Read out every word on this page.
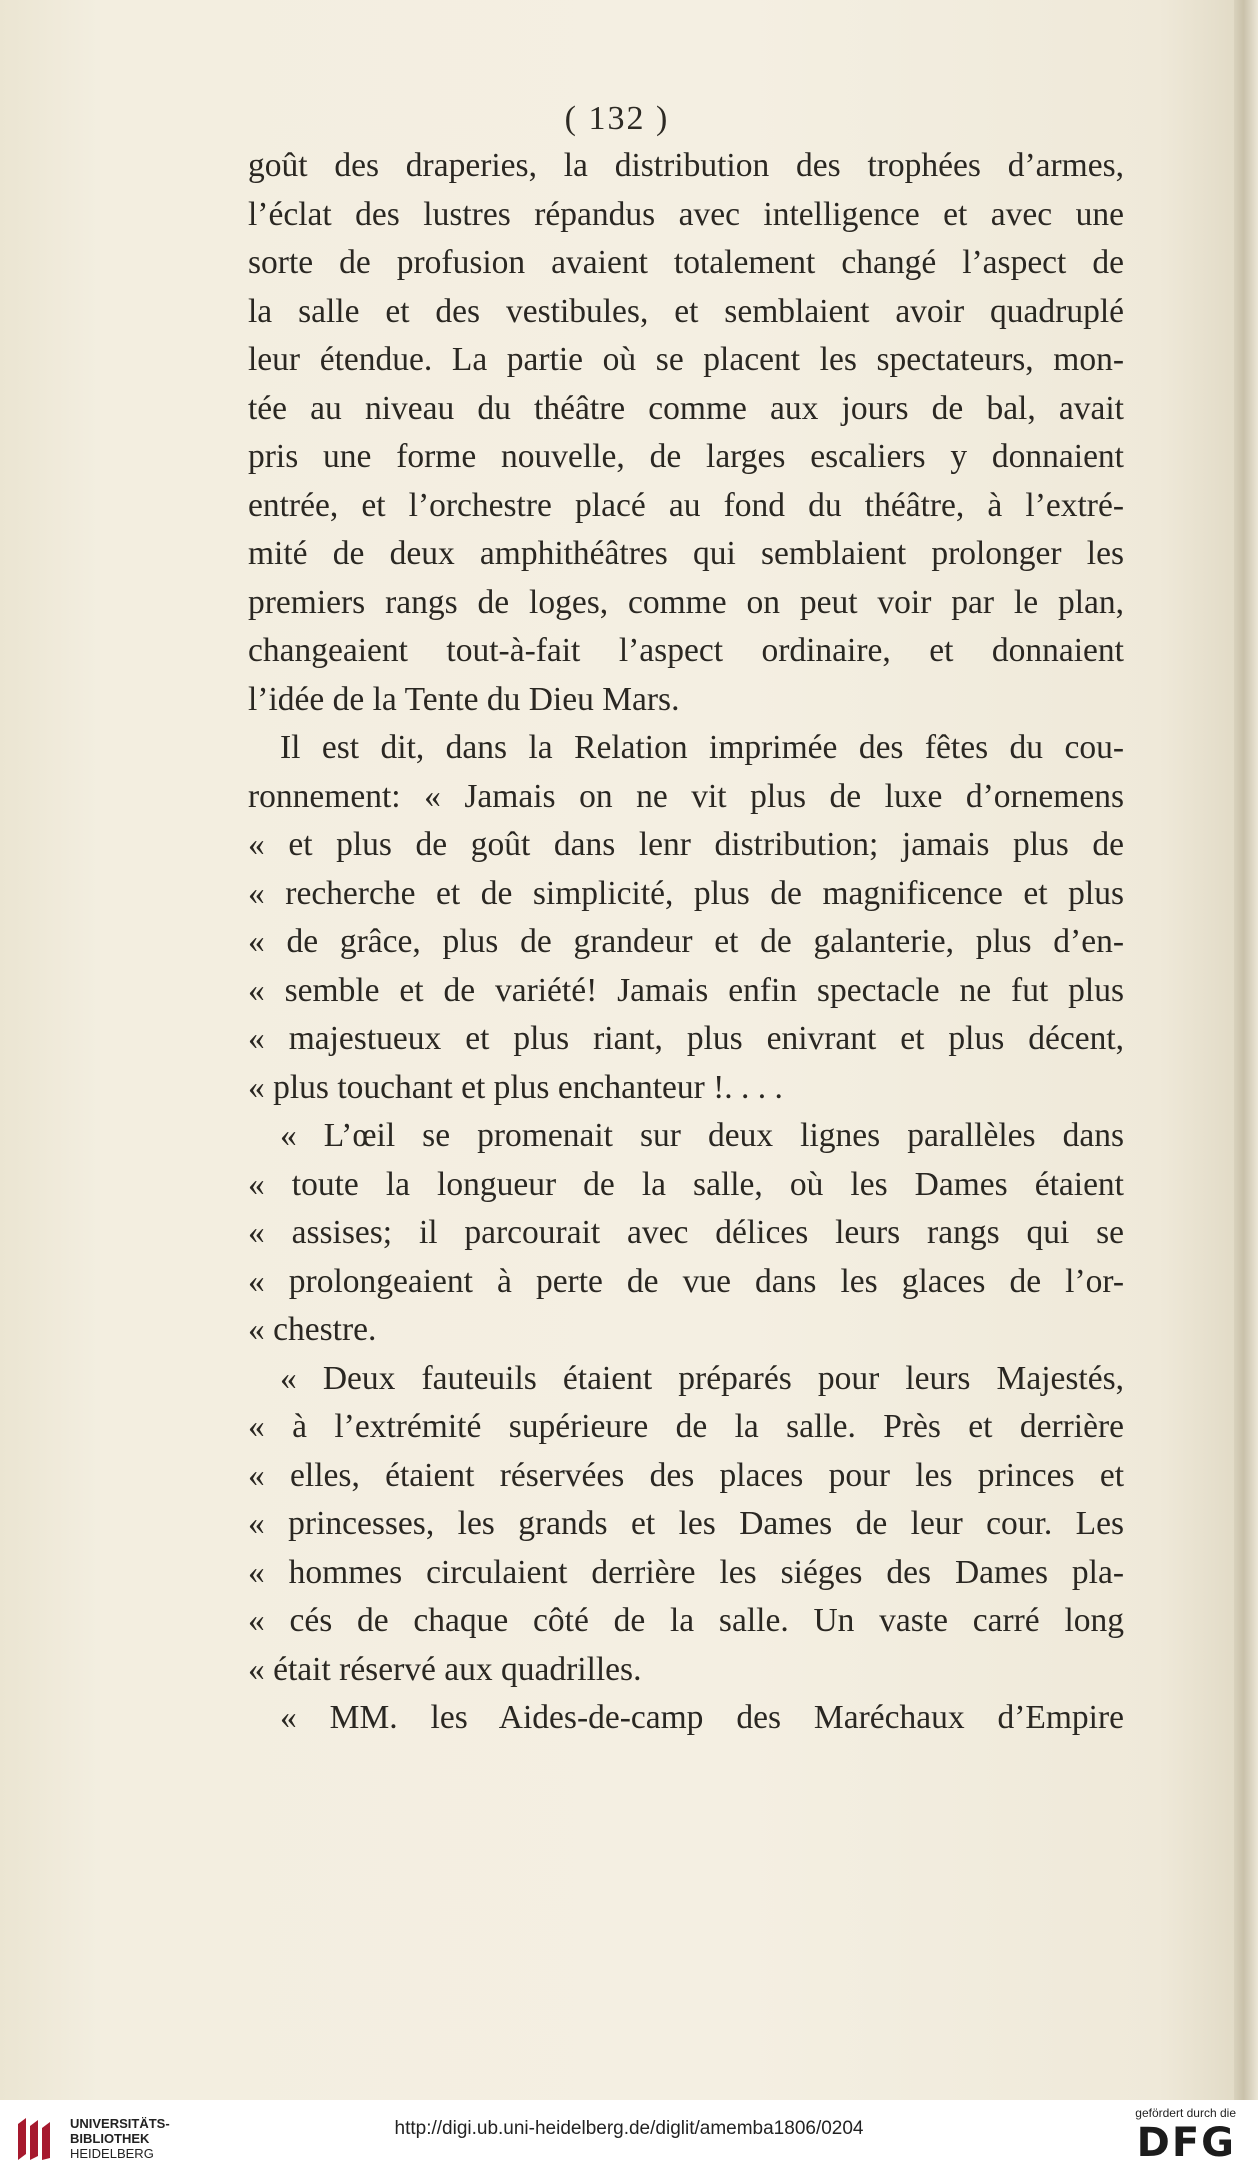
( 132 )
goût des draperies, la distribution des trophées d’armes,
l’éclat des lustres répandus avec intelligence et avec une
sorte de profusion avaient totalement changé l’aspect de
la salle et des vestibules, et semblaient avoir quadruplé
leur étendue. La partie où se placent les spectateurs, mon-
tée au niveau du théâtre comme aux jours de bal, avait
pris une forme nouvelle, de larges escaliers y donnaient
entrée, et l’orchestre placé au fond du théâtre, à l’extré-
mité de deux amphithéâtres qui semblaient prolonger les
premiers rangs de loges, comme on peut voir par le plan,
changeaient tout-à-fait l’aspect ordinaire, et donnaient
l’idée de la Tente du Dieu Mars.
Il est dit, dans la Relation imprimée des fêtes du cou-
ronnement: « Jamais on ne vit plus de luxe d’ornemens
« et plus de goût dans lenr distribution; jamais plus de
« recherche et de simplicité, plus de magnificence et plus
« de grâce, plus de grandeur et de galanterie, plus d’en-
« semble et de variété! Jamais enfin spectacle ne fut plus
« majestueux et plus riant, plus enivrant et plus décent,
« plus touchant et plus enchanteur !. . . .
« L’œil se promenait sur deux lignes parallèles dans
« toute la longueur de la salle, où les Dames étaient
« assises; il parcourait avec délices leurs rangs qui se
« prolongeaient à perte de vue dans les glaces de l’or-
« chestre.
« Deux fauteuils étaient préparés pour leurs Majestés,
« à l’extrémité supérieure de la salle. Près et derrière
« elles, étaient réservées des places pour les princes et
« princesses, les grands et les Dames de leur cour. Les
« hommes circulaient derrière les siéges des Dames pla-
« cés de chaque côté de la salle. Un vaste carré long
« était réservé aux quadrilles.
« MM. les Aides-de-camp des Maréchaux d’Empire
UNIVERSITÄTS-
BIBLIOTHEK
HEIDELBERG
http://digi.ub.uni-heidelberg.de/diglit/amemba1806/0204
gefördert durch die
DFG
